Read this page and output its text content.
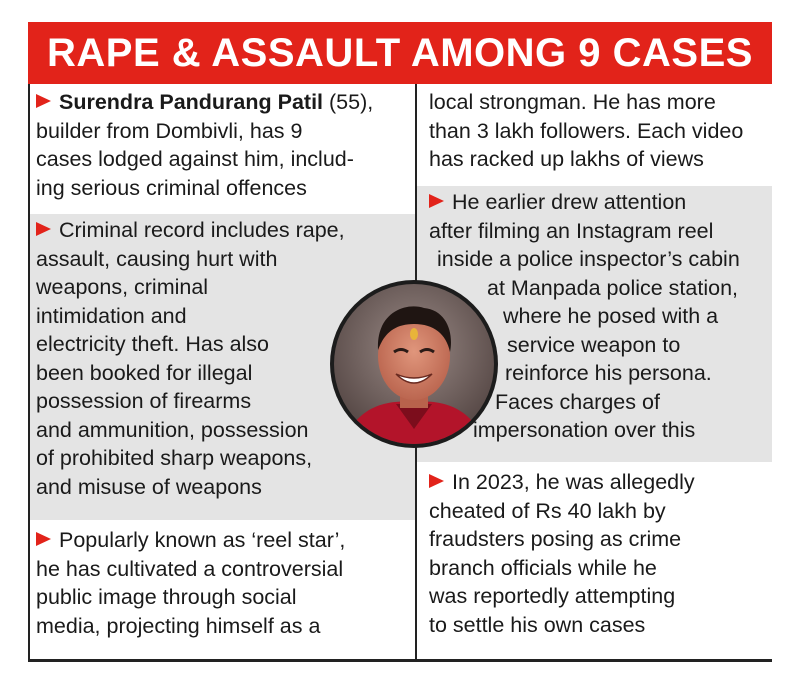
RAPE & ASSAULT AMONG 9 CASES
Surendra Pandurang Patil (55),
builder from Dombivli, has 9
cases lodged against him, includ-
ing serious criminal offences
Criminal record includes rape,
assault, causing hurt with
weapons, criminal
intimidation and
electricity theft. Has also
been booked for illegal
possession of firearms
and ammunition, possession
of prohibited sharp weapons,
and misuse of weapons
Popularly known as ‘reel star’,
he has cultivated a controversial
public image through social
media, projecting himself as a
local strongman. He has more
than 3 lakh followers. Each video
has racked up lakhs of views
He earlier drew attention
after filming an Instagram reel
inside a police inspector’s cabin
at Manpada police station,
where he posed with a
service weapon to
reinforce his persona.
Faces charges of
impersonation over this
In 2023, he was allegedly
cheated of Rs 40 lakh by
fraudsters posing as crime
branch officials while he
was reportedly attempting
to settle his own cases
